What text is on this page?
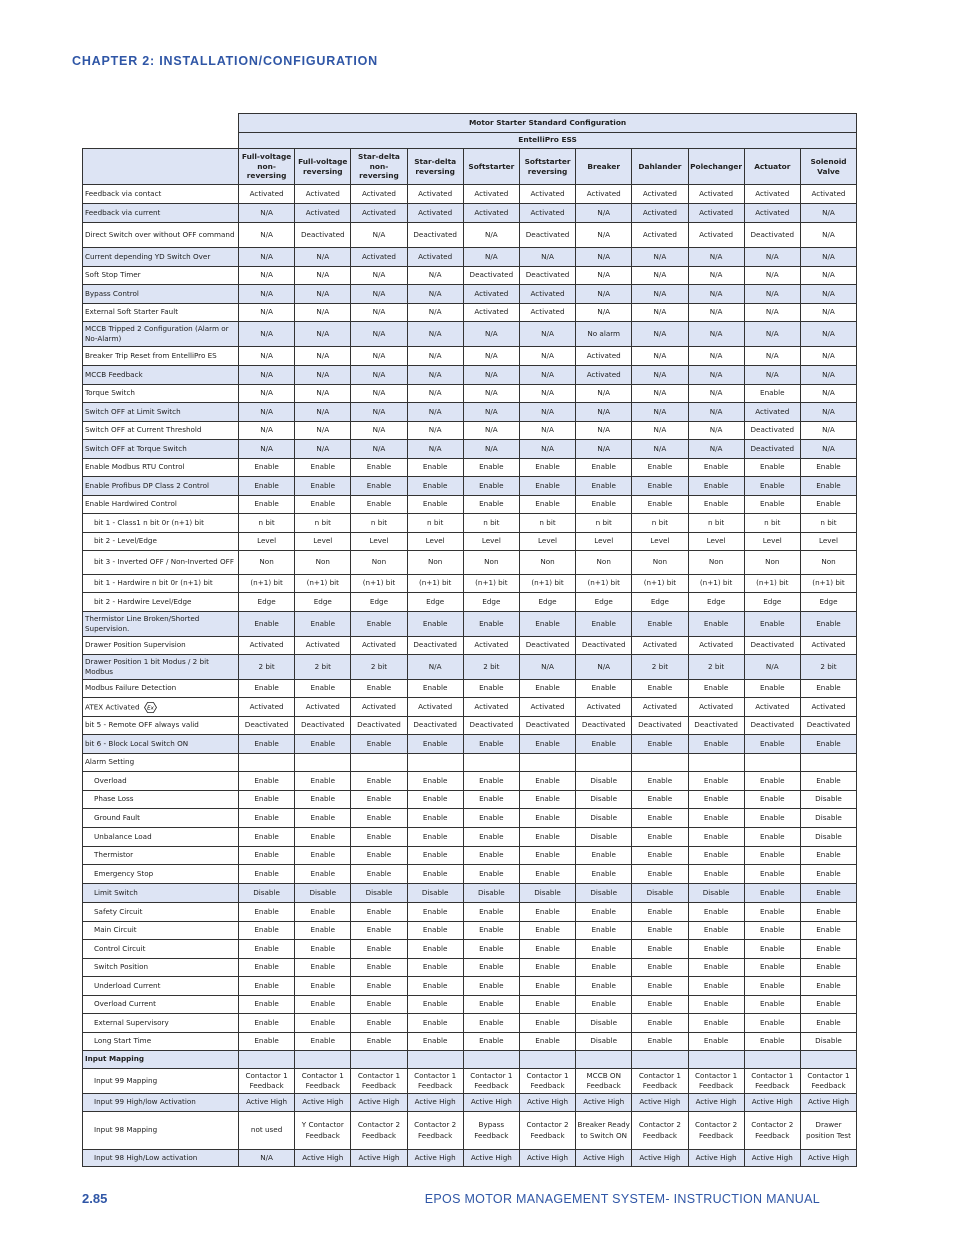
CHAPTER 2: INSTALLATION/CONFIGURATION
	Motor Starter Standard Configuration										
	EntelliPro ESS										
	Full-voltage non-reversing	Full-voltage reversing	Star-delta non-reversing	Star-delta reversing	Softstarter	Softstarter reversing	Breaker	Dahlander	Polechanger	Actuator	Solenoid Valve
Feedback via contact	Activated	Activated	Activated	Activated	Activated	Activated	Activated	Activated	Activated	Activated	Activated
Feedback via current	N/A	Activated	Activated	Activated	Activated	Activated	N/A	Activated	Activated	Activated	N/A
Direct Switch over without OFF command	N/A	Deactivated	N/A	Deactivated	N/A	Deactivated	N/A	Activated	Activated	Deactivated	N/A
Current depending YD Switch Over	N/A	N/A	Activated	Activated	N/A	N/A	N/A	N/A	N/A	N/A	N/A
Soft Stop Timer	N/A	N/A	N/A	N/A	Deactivated	Deactivated	N/A	N/A	N/A	N/A	N/A
Bypass Control	N/A	N/A	N/A	N/A	Activated	Activated	N/A	N/A	N/A	N/A	N/A
External Soft Starter Fault	N/A	N/A	N/A	N/A	Activated	Activated	N/A	N/A	N/A	N/A	N/A
MCCB Tripped 2 Configuration (Alarm or No-Alarm)	N/A	N/A	N/A	N/A	N/A	N/A	No alarm	N/A	N/A	N/A	N/A
Breaker Trip Reset from EntelliPro ES	N/A	N/A	N/A	N/A	N/A	N/A	Activated	N/A	N/A	N/A	N/A
MCCB Feedback	N/A	N/A	N/A	N/A	N/A	N/A	Activated	N/A	N/A	N/A	N/A
Torque Switch	N/A	N/A	N/A	N/A	N/A	N/A	N/A	N/A	N/A	Enable	N/A
Switch OFF at Limit Switch	N/A	N/A	N/A	N/A	N/A	N/A	N/A	N/A	N/A	Activated	N/A
Switch OFF at Current Threshold	N/A	N/A	N/A	N/A	N/A	N/A	N/A	N/A	N/A	Deactivated	N/A
Switch OFF at Torque Switch	N/A	N/A	N/A	N/A	N/A	N/A	N/A	N/A	N/A	Deactivated	N/A
Enable Modbus RTU Control	Enable	Enable	Enable	Enable	Enable	Enable	Enable	Enable	Enable	Enable	Enable
Enable Profibus DP Class 2 Control	Enable	Enable	Enable	Enable	Enable	Enable	Enable	Enable	Enable	Enable	Enable
Enable Hardwired Control	Enable	Enable	Enable	Enable	Enable	Enable	Enable	Enable	Enable	Enable	Enable
bit 1 - Class1 n bit 0r (n+1) bit	n bit	n bit	n bit	n bit	n bit	n bit	n bit	n bit	n bit	n bit	n bit
bit 2 - Level/Edge	Level	Level	Level	Level	Level	Level	Level	Level	Level	Level	Level
bit 3 - Inverted OFF / Non-Inverted OFF	Non	Non	Non	Non	Non	Non	Non	Non	Non	Non	Non
bit 1 - Hardwire n bit 0r (n+1) bit	(n+1) bit	(n+1) bit	(n+1) bit	(n+1) bit	(n+1) bit	(n+1) bit	(n+1) bit	(n+1) bit	(n+1) bit	(n+1) bit	(n+1) bit
bit 2 - Hardwire Level/Edge	Edge	Edge	Edge	Edge	Edge	Edge	Edge	Edge	Edge	Edge	Edge
Thermistor Line Broken/Shorted Supervision.	Enable	Enable	Enable	Enable	Enable	Enable	Enable	Enable	Enable	Enable	Enable
Drawer Position Supervision	Activated	Activated	Activated	Deactivated	Activated	Deactivated	Deactivated	Activated	Activated	Deactivated	Activated
Drawer Position 1 bit Modus / 2 bit Modbus	2 bit	2 bit	2 bit	N/A	2 bit	N/A	N/A	2 bit	2 bit	N/A	2 bit
Modbus Failure Detection	Enable	Enable	Enable	Enable	Enable	Enable	Enable	Enable	Enable	Enable	Enable
ATEX Activated Ex	Activated	Activated	Activated	Activated	Activated	Activated	Activated	Activated	Activated	Activated	Activated
bit 5 - Remote OFF always valid	Deactivated	Deactivated	Deactivated	Deactivated	Deactivated	Deactivated	Deactivated	Deactivated	Deactivated	Deactivated	Deactivated
bit 6 - Block Local Switch ON	Enable	Enable	Enable	Enable	Enable	Enable	Enable	Enable	Enable	Enable	Enable
Alarm Setting											
Overload	Enable	Enable	Enable	Enable	Enable	Enable	Disable	Enable	Enable	Enable	Enable
Phase Loss	Enable	Enable	Enable	Enable	Enable	Enable	Disable	Enable	Enable	Enable	Disable
Ground Fault	Enable	Enable	Enable	Enable	Enable	Enable	Disable	Enable	Enable	Enable	Disable
Unbalance Load	Enable	Enable	Enable	Enable	Enable	Enable	Disable	Enable	Enable	Enable	Disable
Thermistor	Enable	Enable	Enable	Enable	Enable	Enable	Enable	Enable	Enable	Enable	Enable
Emergency Stop	Enable	Enable	Enable	Enable	Enable	Enable	Enable	Enable	Enable	Enable	Enable
Limit Switch	Disable	Disable	Disable	Disable	Disable	Disable	Disable	Disable	Disable	Enable	Enable
Safety Circuit	Enable	Enable	Enable	Enable	Enable	Enable	Enable	Enable	Enable	Enable	Enable
Main Circuit	Enable	Enable	Enable	Enable	Enable	Enable	Enable	Enable	Enable	Enable	Enable
Control Circuit	Enable	Enable	Enable	Enable	Enable	Enable	Enable	Enable	Enable	Enable	Enable
Switch Position	Enable	Enable	Enable	Enable	Enable	Enable	Enable	Enable	Enable	Enable	Enable
Underload Current	Enable	Enable	Enable	Enable	Enable	Enable	Enable	Enable	Enable	Enable	Enable
Overload Current	Enable	Enable	Enable	Enable	Enable	Enable	Enable	Enable	Enable	Enable	Enable
External Supervisory	Enable	Enable	Enable	Enable	Enable	Enable	Disable	Enable	Enable	Enable	Enable
Long Start Time	Enable	Enable	Enable	Enable	Enable	Enable	Disable	Enable	Enable	Enable	Disable
Input Mapping											
Input 99 Mapping	Contactor 1 Feedback	Contactor 1 Feedback	Contactor 1 Feedback	Contactor 1 Feedback	Contactor 1 Feedback	Contactor 1 Feedback	MCCB ON Feedback	Contactor 1 Feedback	Contactor 1 Feedback	Contactor 1 Feedback	Contactor 1 Feedback
Input 99 High/low Activation	Active High	Active High	Active High	Active High	Active High	Active High	Active High	Active High	Active High	Active High	Active High
Input 98 Mapping	not used	Y Contactor Feedback	Contactor 2 Feedback	Contactor 2 Feedback	Bypass Feedback	Contactor 2 Feedback	Breaker Ready to Switch ON	Contactor 2 Feedback	Contactor 2 Feedback	Contactor 2 Feedback	Drawer position Test
Input 98 High/Low activation	N/A	Active High	Active High	Active High	Active High	Active High	Active High	Active High	Active High	Active High	Active High
2.85	EPOS MOTOR MANAGEMENT SYSTEM- INSTRUCTION MANUAL
